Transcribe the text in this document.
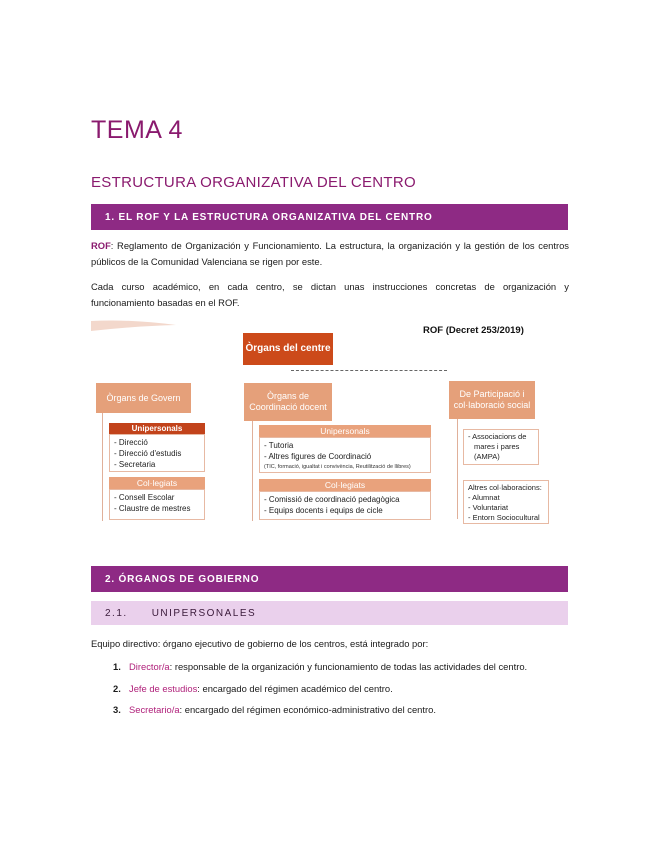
TEMA 4
ESTRUCTURA ORGANIZATIVA DEL CENTRO
1. EL ROF Y LA ESTRUCTURA ORGANIZATIVA DEL CENTRO
ROF: Reglamento de Organización y Funcionamiento. La estructura, la organización y la gestión de los centros
públicos de la Comunidad Valenciana se rigen por este.
Cada curso académico, en cada centro, se dictan unas instrucciones concretas de organización y
funcionamiento basadas en el ROF.
ROF (Decret 253/2019)
Òrgans del centre
Òrgans de Govern
Unipersonals
- Direcció
- Direcció d'estudis
- Secretaria
Col·legiats
- Consell Escolar
- Claustre de mestres
Òrgans de Coordinació docent
Unipersonals
- Tutoria
- Altres figures de Coordinació
(TIC, formació, igualtat i convivència, Reutilització de llibres)
Col·legiats
- Comissió de coordinació pedagògica
- Equips docents i equips de cicle
De Participació i col·laboració social
- Associacions de
mares i pares
(AMPA)
Altres col·laboracions:
- Alumnat
- Voluntariat
- Entorn Sociocultural
2. ÓRGANOS DE GOBIERNO
2.1. UNIPERSONALES
Equipo directivo: órgano ejecutivo de gobierno de los centros, está integrado por:
1. Director/a: responsable de la organización y funcionamiento de todas las actividades del centro.
2. Jefe de estudios: encargado del régimen académico del centro.
3. Secretario/a: encargado del régimen económico-administrativo del centro.
